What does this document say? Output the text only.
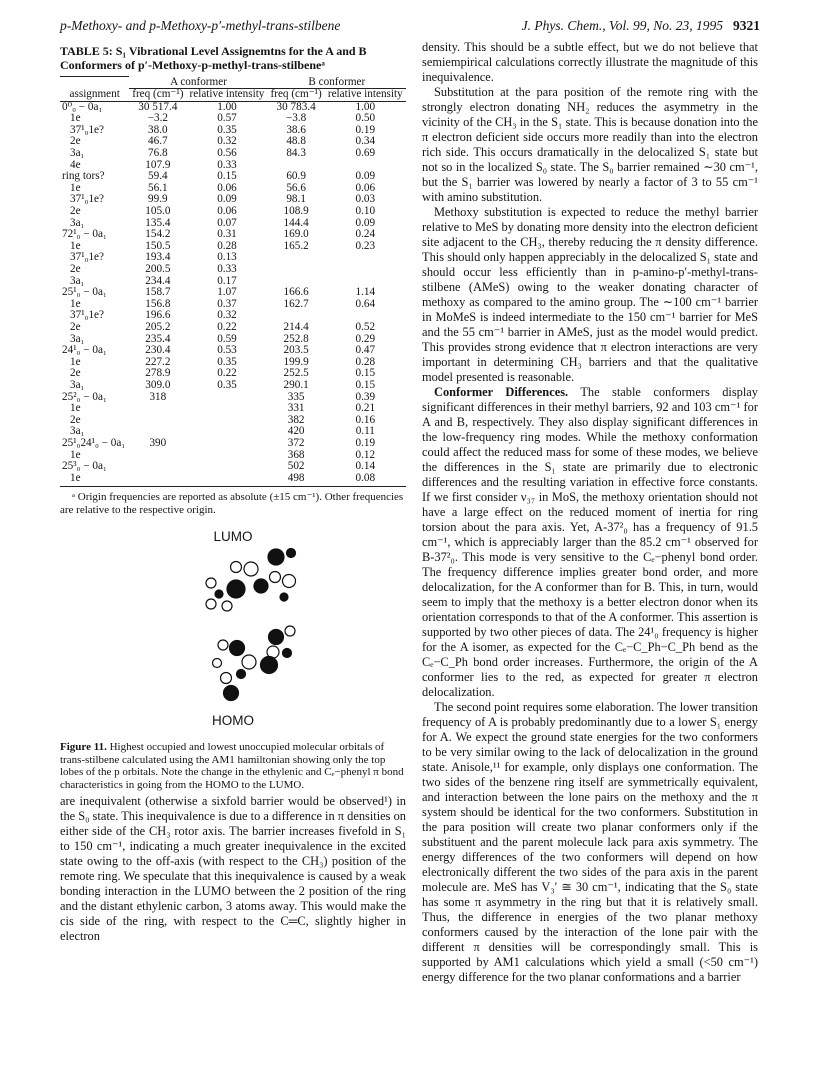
p-Methoxy- and p-Methoxy-p′-methyl-trans-stilbene	J. Phys. Chem., Vol. 99, No. 23, 1995 9321
TABLE 5: S₁ Vibrational Level Assignemtns for the A and B Conformers of p′-Methoxy-p-methyl-trans-stilbeneᵃ
	A conformer		B conformer	
assignment	freq (cm⁻¹)	relative intensity	freq (cm⁻¹)	relative intensity
0⁰₀ − 0a₁	30 517.4	1.00	30 783.4	1.00
1e	−3.2	0.57	−3.8	0.50
37¹₀1e?	38.0	0.35	38.6	0.19
2e	46.7	0.32	48.8	0.34
3a₁	76.8	0.56	84.3	0.69
4e	107.9	0.33		
ring tors?	59.4	0.15	60.9	0.09
1e	56.1	0.06	56.6	0.06
37¹₀1e?	99.9	0.09	98.1	0.03
2e	105.0	0.06	108.9	0.10
3a₁	135.4	0.07	144.4	0.09
72¹₀ − 0a₁	154.2	0.31	169.0	0.24
1e	150.5	0.28	165.2	0.23
37¹₀1e?	193.4	0.13		
2e	200.5	0.33		
3a₁	234.4	0.17		
25¹₀ − 0a₁	158.7	1.07	166.6	1.14
1e	156.8	0.37	162.7	0.64
37¹₀1e?	196.6	0.32		
2e	205.2	0.22	214.4	0.52
3a₁	235.4	0.59	252.8	0.29
24¹₀ − 0a₁	230.4	0.53	203.5	0.47
1e	227.2	0.35	199.9	0.28
2e	278.9	0.22	252.5	0.15
3a₁	309.0	0.35	290.1	0.15
25²₀ − 0a₁	318		335	0.39
1e			331	0.21
2e			382	0.16
3a₁			420	0.11
25¹₀24¹₀ − 0a₁	390		372	0.19
1e			368	0.12
25³₀ − 0a₁			502	0.14
1e			498	0.08
ᵃ Origin frequencies are reported as absolute (±15 cm⁻¹). Other frequencies are relative to the respective origin.
LUMO
HOMO
Figure 11. Highest occupied and lowest unoccupied molecular orbitals of trans-stilbene calculated using the AM1 hamiltonian showing only the top lobes of the p orbitals. Note the change in the ethylenic and Cₑ−phenyl π bond characteristics in going from the HOMO to the LUMO.

are inequivalent (otherwise a sixfold barrier would be observed¹) in the S₀ state. This inequivalence is due to a difference in π densities on either side of the CH₃ rotor axis. The barrier increases fivefold in S₁ to 150 cm⁻¹, indicating a much greater inequivalence in the excited state owing to the off-axis (with respect to the CH₃) position of the remote ring. We speculate that this inequivalence is caused by a weak bonding interaction in the LUMO between the 2 position of the ring and the distant ethylenic carbon, 3 atoms away. This would make the cis side of the ring, with respect to the C═C, slightly higher in electron

density. This should be a subtle effect, but we do not believe that semiempirical calculations correctly illustrate the magnitude of this inequivalence.

Substitution at the para position of the remote ring with the strongly electron donating NH₂ reduces the asymmetry in the vicinity of the CH₃ in the S₁ state. This is because donation into the π electron deficient side occurs more readily than into the electron rich side. This occurs dramatically in the delocalized S₁ state but not so in the localized S₀ state. The S₀ barrier remained ∼30 cm⁻¹, but the S₁ barrier was lowered by nearly a factor of 3 to 55 cm⁻¹ with amino substitution.

Methoxy substitution is expected to reduce the methyl barrier relative to MeS by donating more density into the electron deficient site adjacent to the CH₃, thereby reducing the π density difference. This should only happen appreciably in the delocalized S₁ state and should occur less efficiently than in p-amino-p′-methyl-trans-stilbene (AMeS) owing to the weaker donating character of methoxy as compared to the amino group. The ∼100 cm⁻¹ barrier in MoMeS is indeed intermediate to the 150 cm⁻¹ barrier for MeS and the 55 cm⁻¹ barrier in AMeS, just as the model would predict. This provides strong evidence that π electron interactions are very important in determining CH₃ barriers and that the qualitative model presented is reasonable.

Conformer Differences. The stable conformers display significant differences in their methyl barriers, 92 and 103 cm⁻¹ for A and B, respectively. They also display significant differences in the low-frequency ring modes. While the methoxy conformation could affect the reduced mass for some of these modes, we believe the differences in the S₁ state are primarily due to electronic differences and the resulting variation in effective force constants. If we first consider ν₃₇ in MoS, the methoxy orientation should not have a large effect on the reduced moment of inertia for ring torsion about the para axis. Yet, A-37²₀ has a frequency of 91.5 cm⁻¹, which is appreciably larger than the 85.2 cm⁻¹ observed for B-37²₀. This mode is very sensitive to the Cₑ−phenyl bond order. The frequency difference implies greater bond order, and more delocalization, for the A conformer than for B. This, in turn, would seem to imply that the methoxy is a better electron donor when its orientation corresponds to that of the A conformer. This assertion is supported by two other pieces of data. The 24¹₀ frequency is higher for the A isomer, as expected for the Cₑ−C_Ph−C_Ph bend as the Cₑ−C_Ph bond order increases. Furthermore, the origin of the A conformer lies to the red, as expected for greater π electron delocalization.

The second point requires some elaboration. The lower transition frequency of A is probably predominantly due to a lower S₁ energy for A. We expect the ground state energies for the two conformers to be very similar owing to the lack of delocalization in the ground state. Anisole,¹¹ for example, only displays one conformation. The two sides of the benzene ring itself are symmetrically equivalent, and interaction between the lone pairs on the methoxy and the π system should be identical for the two conformers. Substitution in the para position will create two planar conformers only if the substituent and the parent molecule lack para axis symmetry. The energy differences of the two conformers will depend on how electronically different the two sides of the para axis in the parent molecule are. MeS has V₃′ ≅ 30 cm⁻¹, indicating that the S₀ state has some π asymmetry in the ring but that it is relatively small. Thus, the difference in energies of the two planar methoxy conformers caused by the interaction of the lone pair with the different π densities will be correspondingly small. This is supported by AM1 calculations which yield a small (<50 cm⁻¹) energy difference for the two planar conformations and a barrier
